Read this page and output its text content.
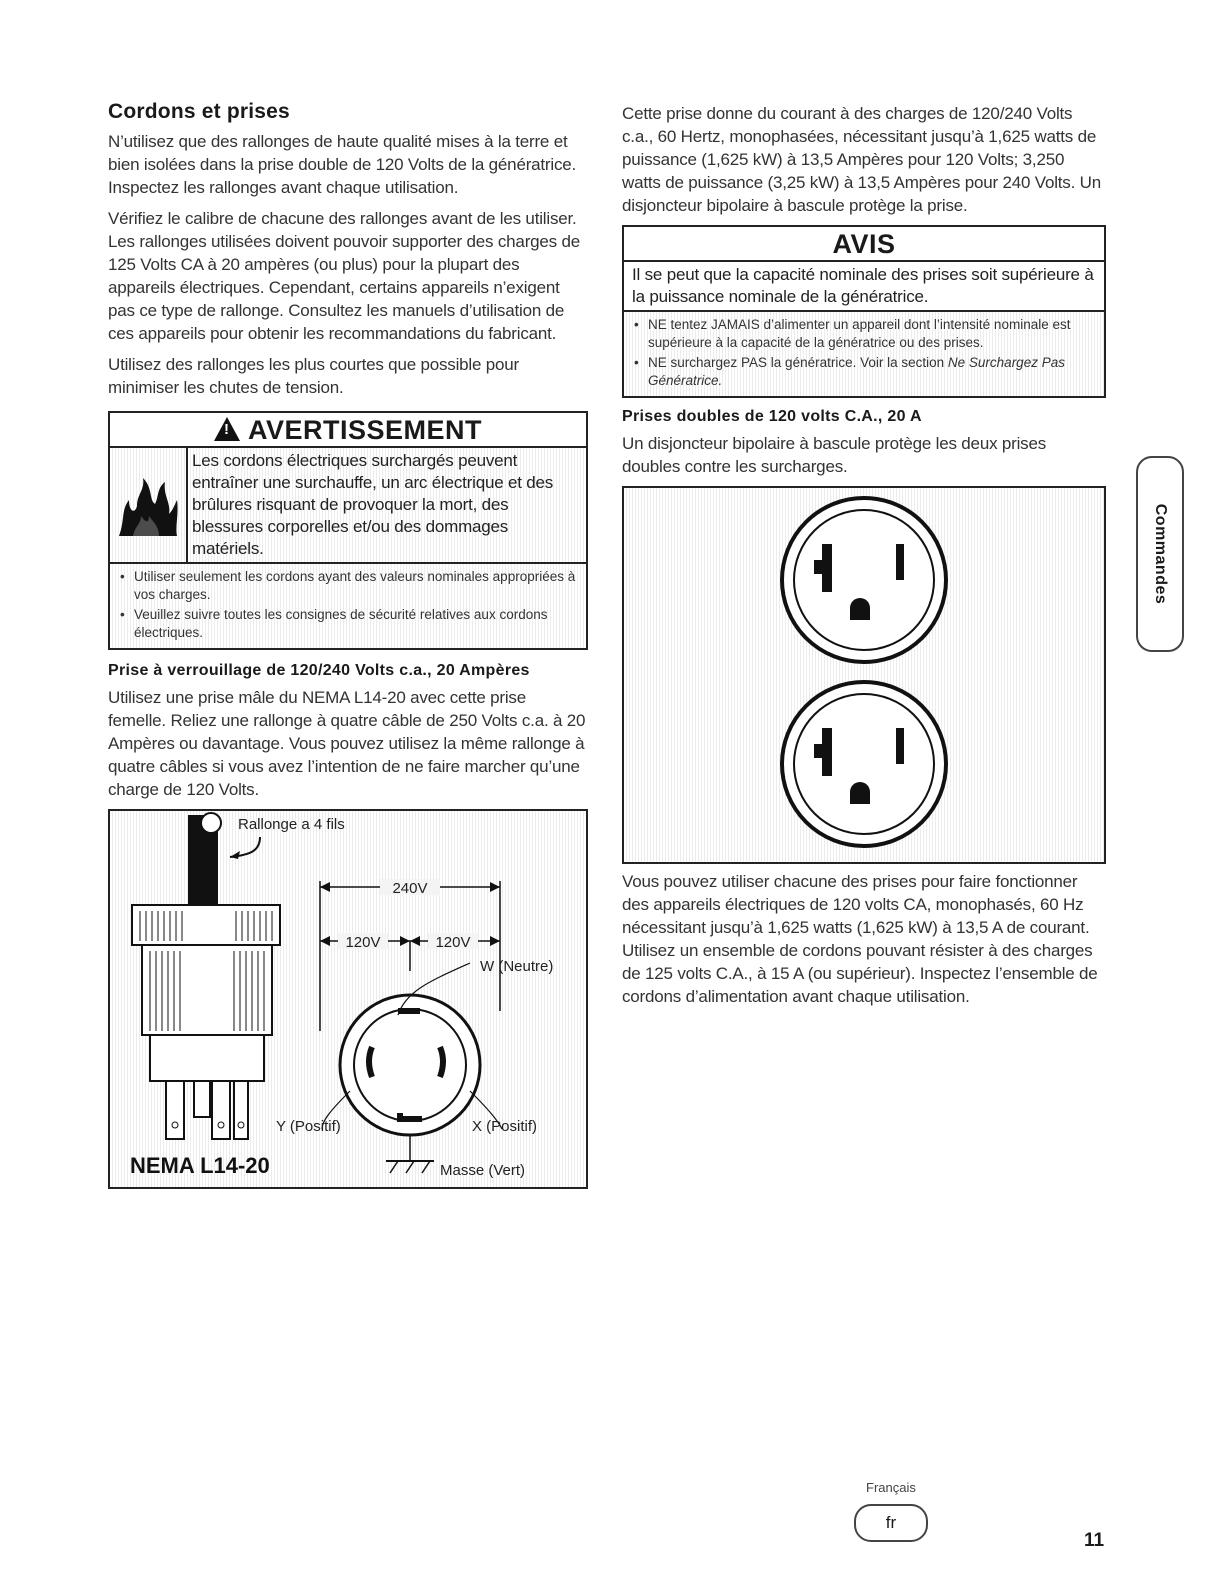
Cordons et prises

N’utilisez que des rallonges de haute qualité mises à la terre et bien isolées dans la prise double de 120 Volts de la génératrice. Inspectez les rallonges avant chaque utilisation.

Vérifiez le calibre de chacune des rallonges avant de les utiliser. Les rallonges utilisées doivent pouvoir supporter des charges de 125 Volts CA à 20 ampères (ou plus) pour la plupart des appareils électriques. Cependant, certains appareils n’exigent pas ce type de rallonge. Consultez les manuels d’utilisation de ces appareils pour obtenir les recommandations du fabricant.

Utilisez des rallonges les plus courtes que possible pour minimiser les chutes de tension.

!AVERTISSEMENT
Les cordons électriques surchargés peuvent entraîner une surchauffe, un arc électrique et des brûlures risquant de provoquer la mort, des blessures corporelles et/ou des dommages matériels.
• Utiliser seulement les cordons ayant des valeurs nominales appropriées à vos charges.
• Veuillez suivre toutes les consignes de sécurité relatives aux cordons électriques.
Prise à verrouillage de 120/240 Volts c.a., 20 Ampères

Utilisez une prise mâle du NEMA L14-20 avec cette prise femelle. Reliez une rallonge à quatre câble de 250 Volts c.a. à 20 Ampères ou davantage. Vous pouvez utilisez la même rallonge à quatre câbles si vous avez l’intention de ne faire marcher qu’une charge de 120 Volts.

240V
120V	120V
Rallonge a 4 fils
W (Neutre)
Y (Positif)	X (Positif)
Masse (Vert)
NEMA L14-20

Cette prise donne du courant à des charges de 120/240 Volts c.a., 60 Hertz, monophasées, nécessitant jusqu’à 1,625 watts de puissance (1,625 kW) à 13,5 Ampères pour 120 Volts; 3,250 watts de puissance (3,25 kW) à 13,5 Ampères pour 240 Volts. Un disjoncteur bipolaire à bascule protège la prise.

AVIS
Il se peut que la capacité nominale des prises soit supérieure à la puissance nominale de la génératrice.
• NE tentez JAMAIS d’alimenter un appareil dont l’intensité nominale est supérieure à la capacité de la génératrice ou des prises.
• NE surchargez PAS la génératrice. Voir la section Ne Surchargez Pas Génératrice.
Prises doubles de 120 volts C.A., 20 A

Un disjoncteur bipolaire à bascule protège les deux prises doubles contre les surcharges.

Vous pouvez utiliser chacune des prises pour faire fonctionner des appareils électriques de 120 volts CA, monophasés, 60 Hz nécessitant jusqu’à 1,625 watts (1,625 kW) à 13,5 A de courant. Utilisez un ensemble de cordons pouvant résister à des charges de 125 volts C.A., à 15 A (ou supérieur). Inspectez l’ensemble de cordons d’alimentation avant chaque utilisation.

Commandes
Français
fr
11
